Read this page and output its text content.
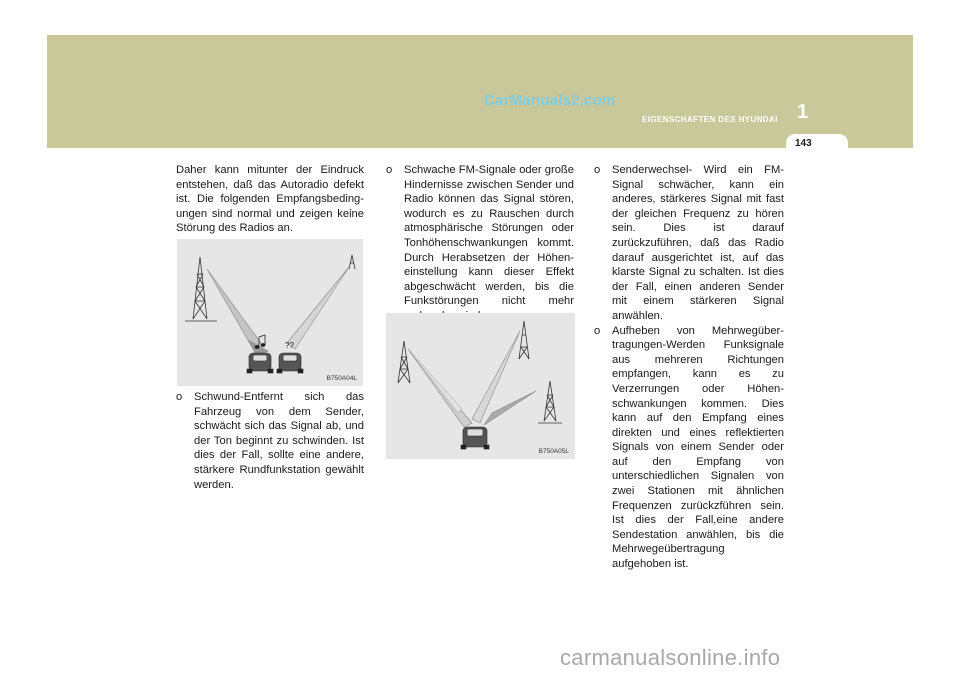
CarManuals2.com
1
EIGENSCHAFTEN DES HYUNDAI
143

Daher kann mitunter der Eindruck entstehen, daß das Autoradio defekt ist. Die folgenden Empfangsbeding-ungen sind normal und zeigen keine Störung des Radios an.

??
B750A04L

o Schwund-Entfernt sich das Fahrzeug von dem Sender, schwächt sich das Signal ab, und der Ton beginnt zu schwinden. Ist dies der Fall, sollte eine andere, stärkere Rundfunkstation gewählt werden.

o Schwache FM-Signale oder große Hindernisse zwischen Sender und Radio können das Signal stören, wodurch es zu Rauschen durch atmosphärische Störungen oder Tonhöhenschwankungen kommt. Durch Herabsetzen der Höhen-einstellung kann dieser Effekt abgeschwächt werden, bis die Funkstörungen nicht mehr

B750A05L

o Senderwechsel- Wird ein FM-Signal schwächer, kann ein anderes, stärkeres Signal mit fast der gleichen Frequenz zu hören sein. Dies ist darauf zurückzuführen, daß das Radio darauf ausgerichtet ist, auf das klarste Signal zu schalten. Ist dies der Fall, einen anderen Sender mit einem stärkeren Signal anwählen.

o Aufheben von Mehrwegüber-tragungen-Werden Funksignale aus mehreren Richtungen empfangen, kann es zu Verzerrungen oder Höhen-schwankungen kommen. Dies kann auf den Empfang eines direkten und eines reflektierten Signals von einem Sender oder auf den Empfang von unterschiedlichen Signalen von zwei Stationen mit ähnlichen Frequenzen zurückzführen sein. Ist dies der Fall,eine andere Sendestation anwählen, bis die Mehrwegeübertragung aufgehoben ist.

carmanualsonline.info
